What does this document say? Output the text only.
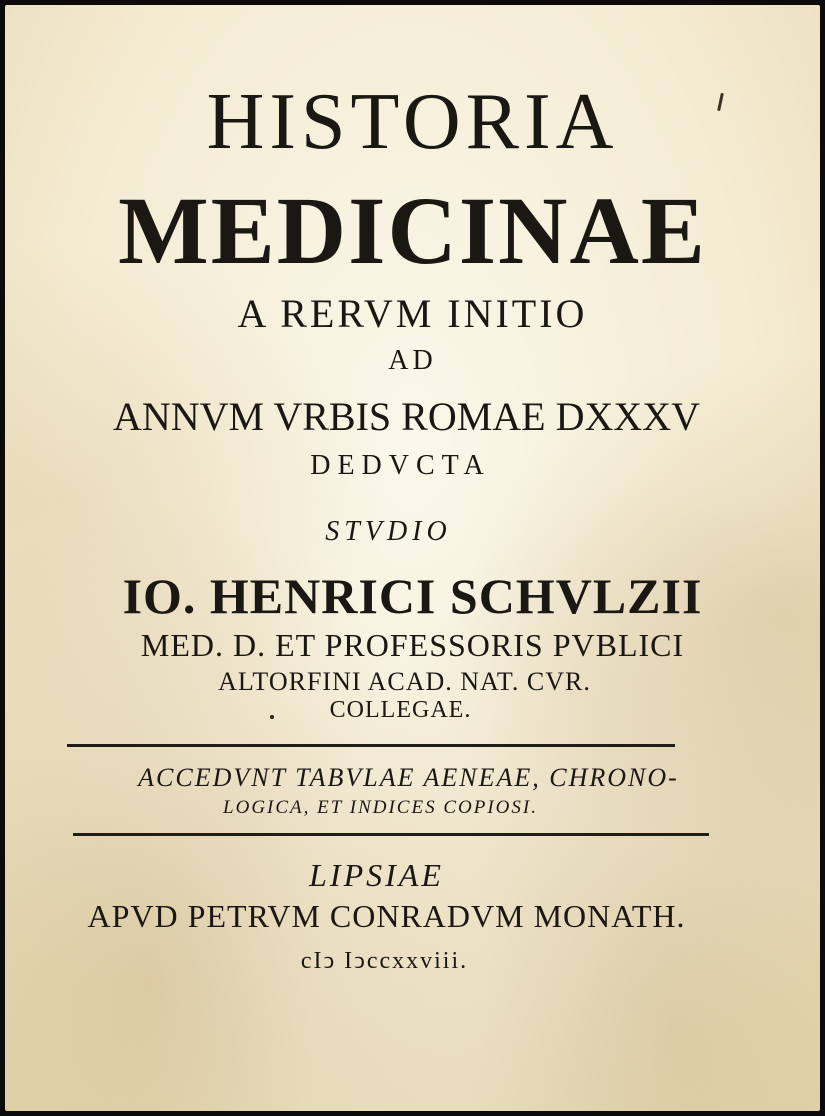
HISTORIA
MEDICINAE
A RERVM INITIO
AD
ANNVM VRBIS ROMAE DXXXV
DEDVCTA
STVDIO
IO. HENRICI SCHVLZII
MED. D. ET PROFESSORIS PVBLICI
ALTORFINI ACAD. NAT. CVR.
COLLEGAE.
ACCEDVNT TABVLAE AENEAE, CHRONO-
LOGICA, ET INDICES COPIOSI.
LIPSIAE
APVD PETRVM CONRADVM MONATH.
cIↄ Iↄccxxviii.
